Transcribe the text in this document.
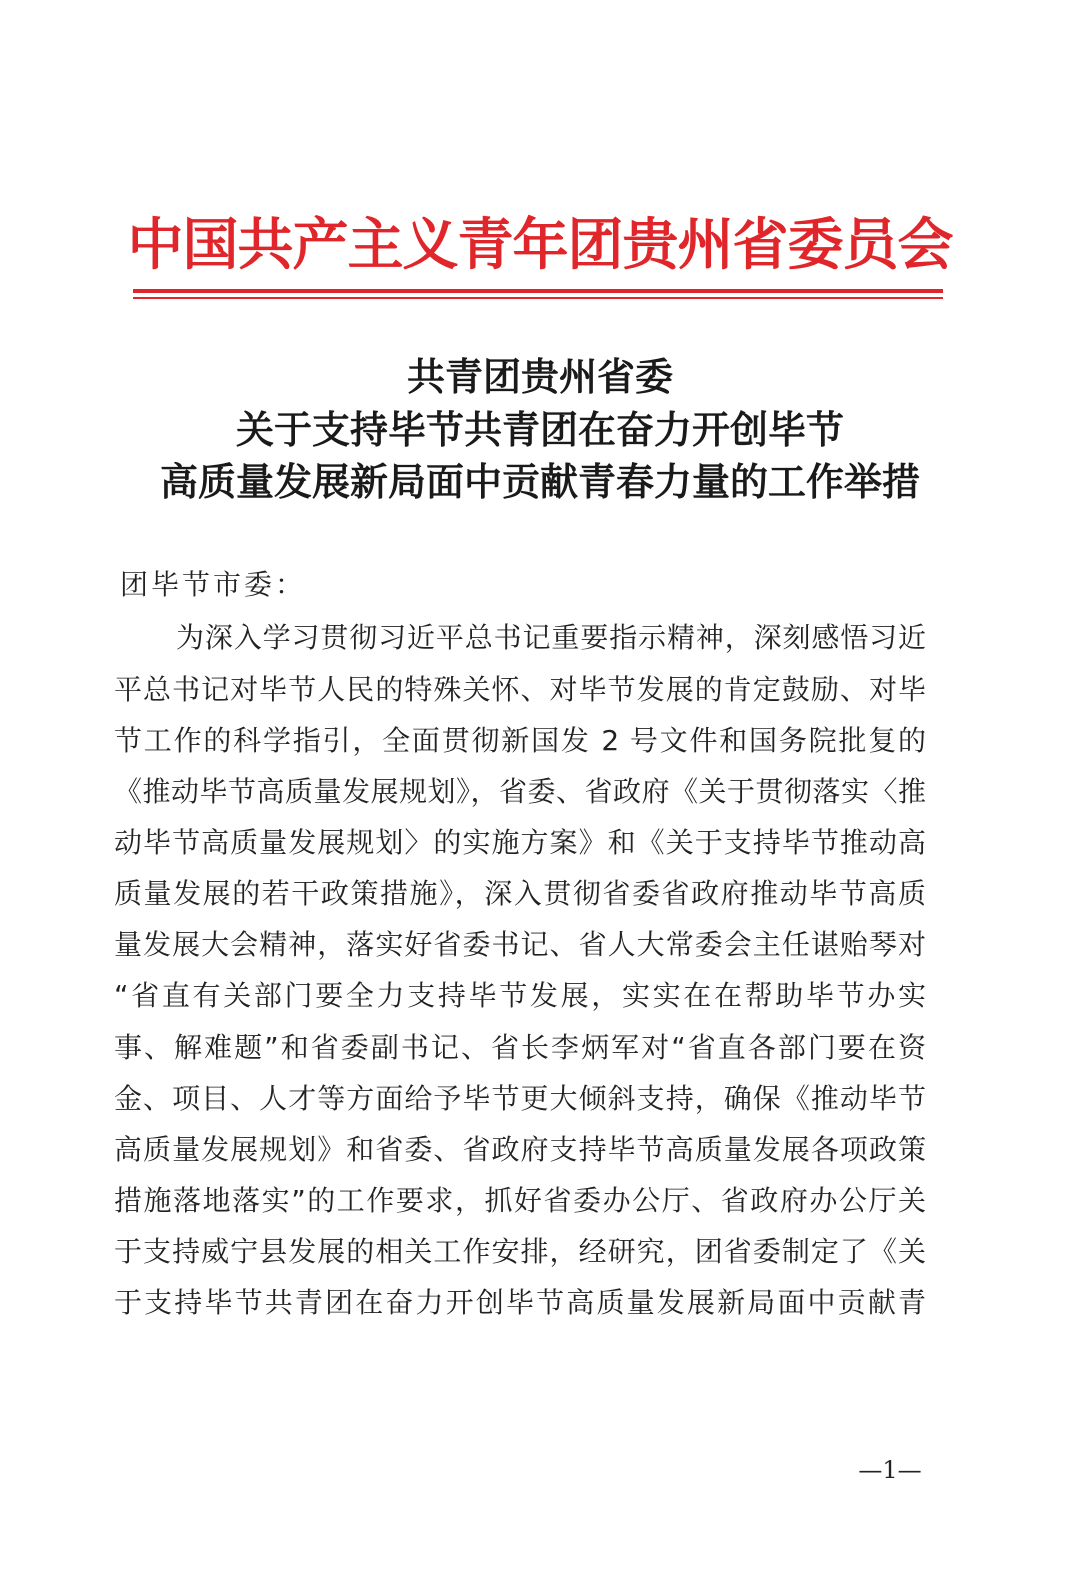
中国共产主义青年团贵州省委员会
共青团贵州省委
关于支持毕节共青团在奋力开创毕节
高质量发展新局面中贡献青春力量的工作举措
团毕节市委：
为深入学习贯彻习近平总书记重要指示精神，深刻感悟习近
平总书记对毕节人民的特殊关怀、对毕节发展的肯定鼓励、对毕
节工作的科学指引，全面贯彻新国发 2 号文件和国务院批复的
《推动毕节高质量发展规划》，省委、省政府《关于贯彻落实〈推
动毕节高质量发展规划〉的实施方案》和《关于支持毕节推动高
质量发展的若干政策措施》，深入贯彻省委省政府推动毕节高质
量发展大会精神，落实好省委书记、省人大常委会主任谌贻琴对
“省直有关部门要全力支持毕节发展，实实在在帮助毕节办实
事、解难题”和省委副书记、省长李炳军对“省直各部门要在资
金、项目、人才等方面给予毕节更大倾斜支持，确保《推动毕节
高质量发展规划》和省委、省政府支持毕节高质量发展各项政策
措施落地落实”的工作要求，抓好省委办公厅、省政府办公厅关
于支持威宁县发展的相关工作安排，经研究，团省委制定了《关
于支持毕节共青团在奋力开创毕节高质量发展新局面中贡献青
—1—
